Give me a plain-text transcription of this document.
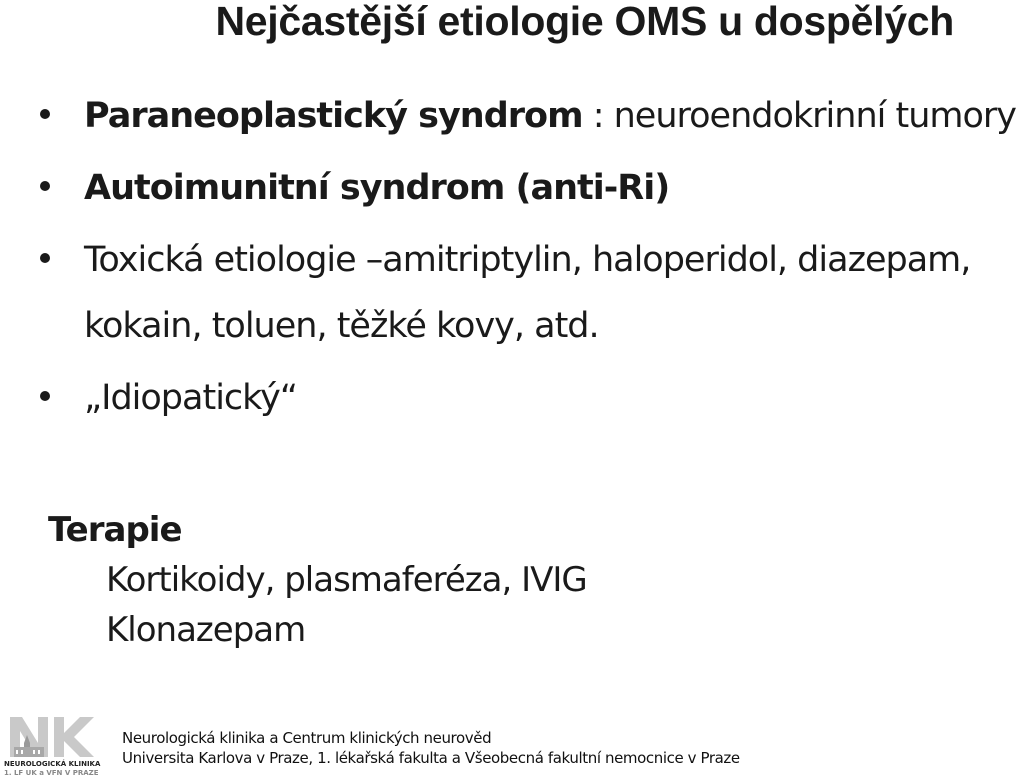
Nejčastější etiologie OMS u dospělých
Paraneoplastický syndrom : neuroendokrinní tumory
Autoimunitní syndrom (anti-Ri)
Toxická etiologie –amitriptylin, haloperidol, diazepam,
kokain, toluen, těžké kovy, atd.
„Idiopatický“
Terapie
Kortikoidy, plasmaferéza, IVIG
Klonazepam
NEUROLOGICKÁ KLINIKA
1. LF UK a VFN V PRAZE
Neurologická klinika a Centrum klinických neurověd
Universita Karlova v Praze, 1. lékařská fakulta a Všeobecná fakultní nemocnice v Praze
